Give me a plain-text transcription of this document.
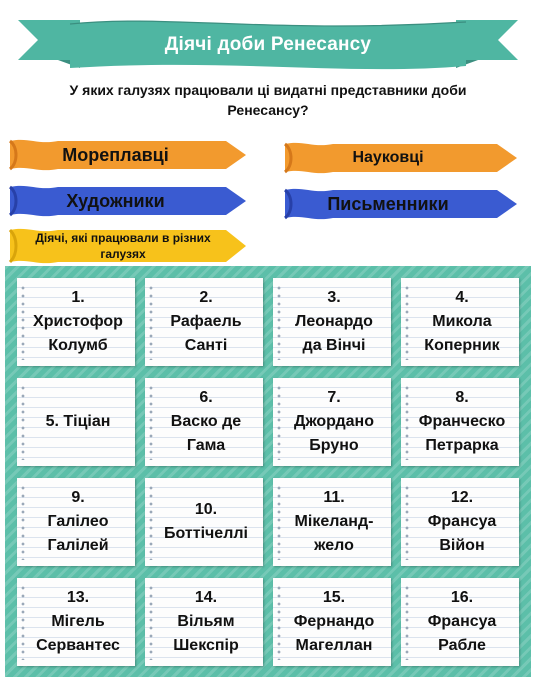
Діячі доби Ренесансу
У яких галузях працювали ці видатні представники доби Ренесансу?
Мореплавці	Науковці
Художники	Письменники
Діячі, які працювали в різних галузях
1.
Христофор
Колумб
2.
Рафаель
Санті
3.
Леонардо
да Вінчі
4.
Микола
Коперник
5. Тіціан
6.
Васко де
Гама
7.
Джордано
Бруно
8.
Франческо
Петрарка
9.
Галілео
Галілей
10.
Боттічеллі
11.
Мікеланд-
жело
12.
Франсуа
Війон
13.
Мігель
Сервантес
14.
Вільям
Шекспір
15.
Фернандо
Магеллан
16.
Франсуа
Рабле
